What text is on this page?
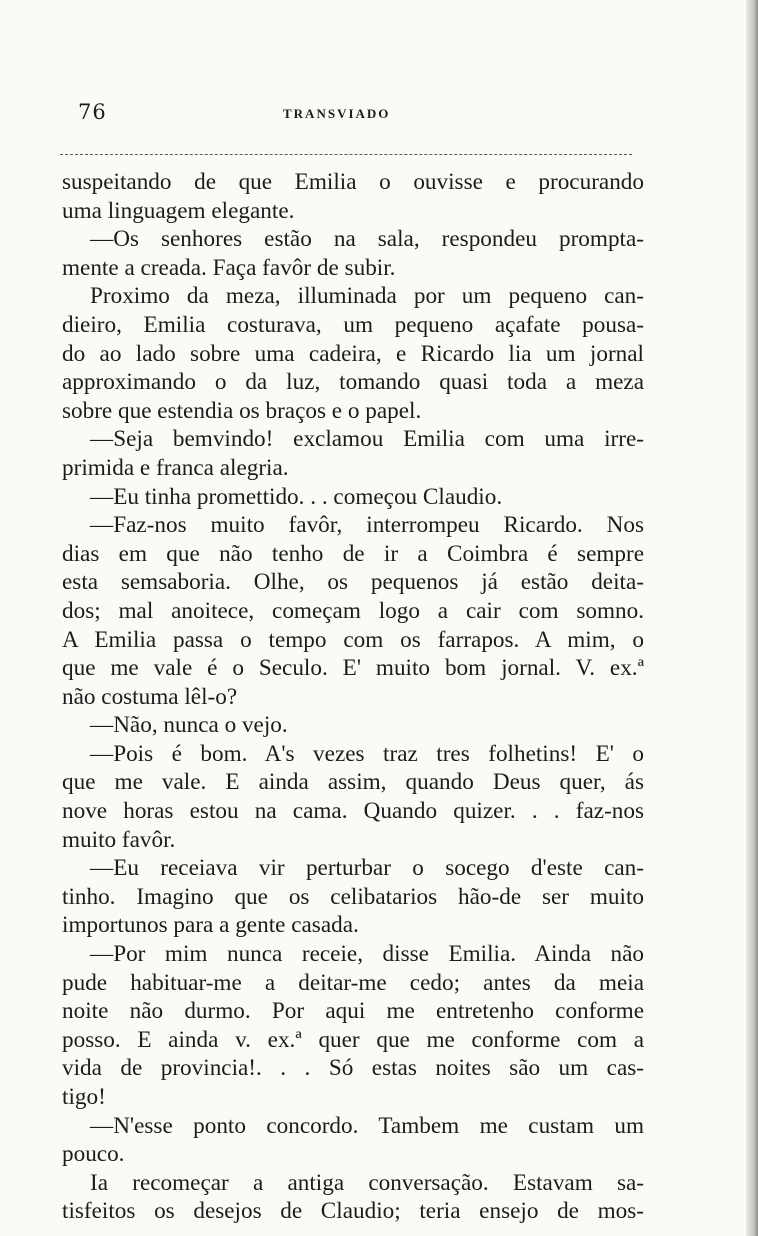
76	TRANSVIADO
suspeitando de que Emilia o ouvisse e procurando
uma linguagem elegante.
—Os senhores estão na sala, respondeu prompta-
mente a creada. Faça favôr de subir.
Proximo da meza, illuminada por um pequeno can-
dieiro, Emilia costurava, um pequeno açafate pousa-
do ao lado sobre uma cadeira, e Ricardo lia um jornal
approximando o da luz, tomando quasi toda a meza
sobre que estendia os braços e o papel.
—Seja bemvindo! exclamou Emilia com uma irre-
primida e franca alegria.
—Eu tinha promettido. . . começou Claudio.
—Faz-nos muito favôr, interrompeu Ricardo. Nos
dias em que não tenho de ir a Coimbra é sempre
esta semsaboria. Olhe, os pequenos já estão deita-
dos; mal anoitece, começam logo a cair com somno.
A Emilia passa o tempo com os farrapos. A mim, o
que me vale é o Seculo. E' muito bom jornal. V. ex.ª
não costuma lêl-o?
—Não, nunca o vejo.
—Pois é bom. A's vezes traz tres folhetins! E' o
que me vale. E ainda assim, quando Deus quer, ás
nove horas estou na cama. Quando quizer. . . faz-nos
muito favôr.
—Eu receiava vir perturbar o socego d'este can-
tinho. Imagino que os celibatarios hão-de ser muito
importunos para a gente casada.
—Por mim nunca receie, disse Emilia. Ainda não
pude habituar-me a deitar-me cedo; antes da meia
noite não durmo. Por aqui me entretenho conforme
posso. E ainda v. ex.ª quer que me conforme com a
vida de provincia!. . . Só estas noites são um cas-
tigo!
—N'esse ponto concordo. Tambem me custam um
pouco.
Ia recomeçar a antiga conversação. Estavam sa-
tisfeitos os desejos de Claudio; teria ensejo de mos-
